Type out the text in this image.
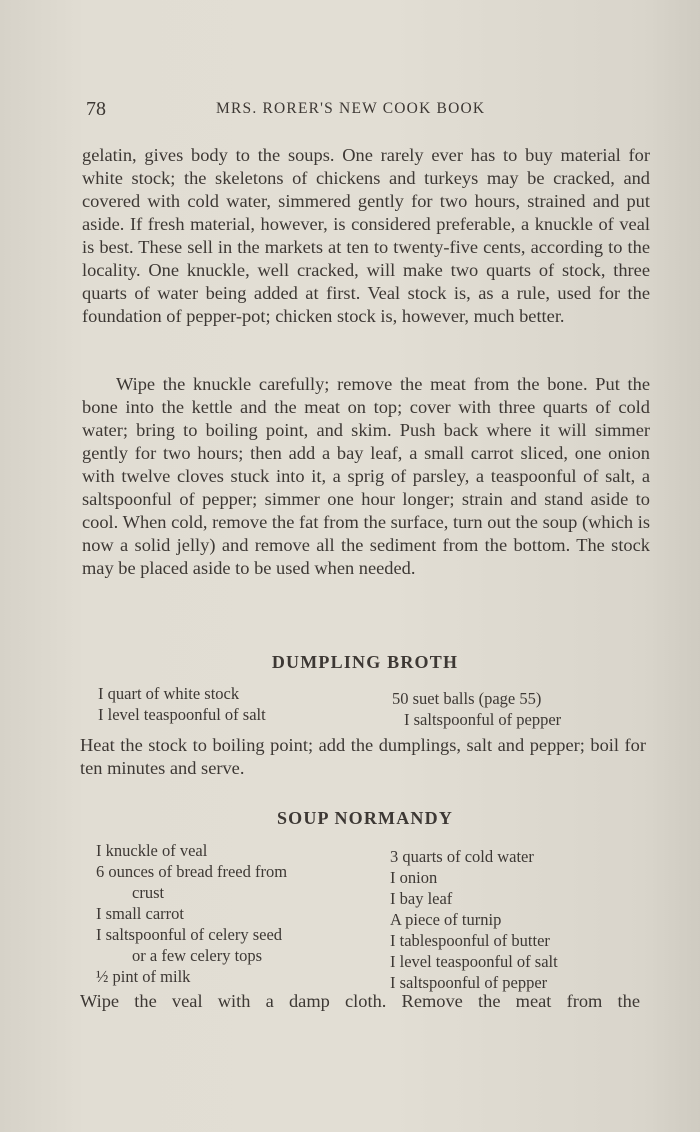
78	MRS. RORER'S NEW COOK BOOK

gelatin, gives body to the soups. One rarely ever has to buy material for white stock; the skeletons of chickens and turkeys may be cracked, and covered with cold water, simmered gently for two hours, strained and put aside. If fresh material, however, is considered preferable, a knuckle of veal is best. These sell in the markets at ten to twenty-five cents, according to the locality. One knuckle, well cracked, will make two quarts of stock, three quarts of water being added at first. Veal stock is, as a rule, used for the foundation of pepper-pot; chicken stock is, however, much better.

Wipe the knuckle carefully; remove the meat from the bone. Put the bone into the kettle and the meat on top; cover with three quarts of cold water; bring to boiling point, and skim. Push back where it will simmer gently for two hours; then add a bay leaf, a small carrot sliced, one onion with twelve cloves stuck into it, a sprig of parsley, a teaspoonful of salt, a saltspoonful of pepper; simmer one hour longer; strain and stand aside to cool. When cold, remove the fat from the surface, turn out the soup (which is now a solid jelly) and remove all the sediment from the bottom. The stock may be placed aside to be used when needed.

DUMPLING BROTH
I quart of white stock
I level teaspoonful of salt
50 suet balls (page 55)
I saltspoonful of pepper

Heat the stock to boiling point; add the dumplings, salt and pepper; boil for ten minutes and serve.

SOUP NORMANDY
I knuckle of veal
6 ounces of bread freed from
crust
I small carrot
I saltspoonful of celery seed
or a few celery tops
½ pint of milk
3 quarts of cold water
I onion
I bay leaf
A piece of turnip
I tablespoonful of butter
I level teaspoonful of salt
I saltspoonful of pepper

Wipe the veal with a damp cloth. Remove the meat from the
